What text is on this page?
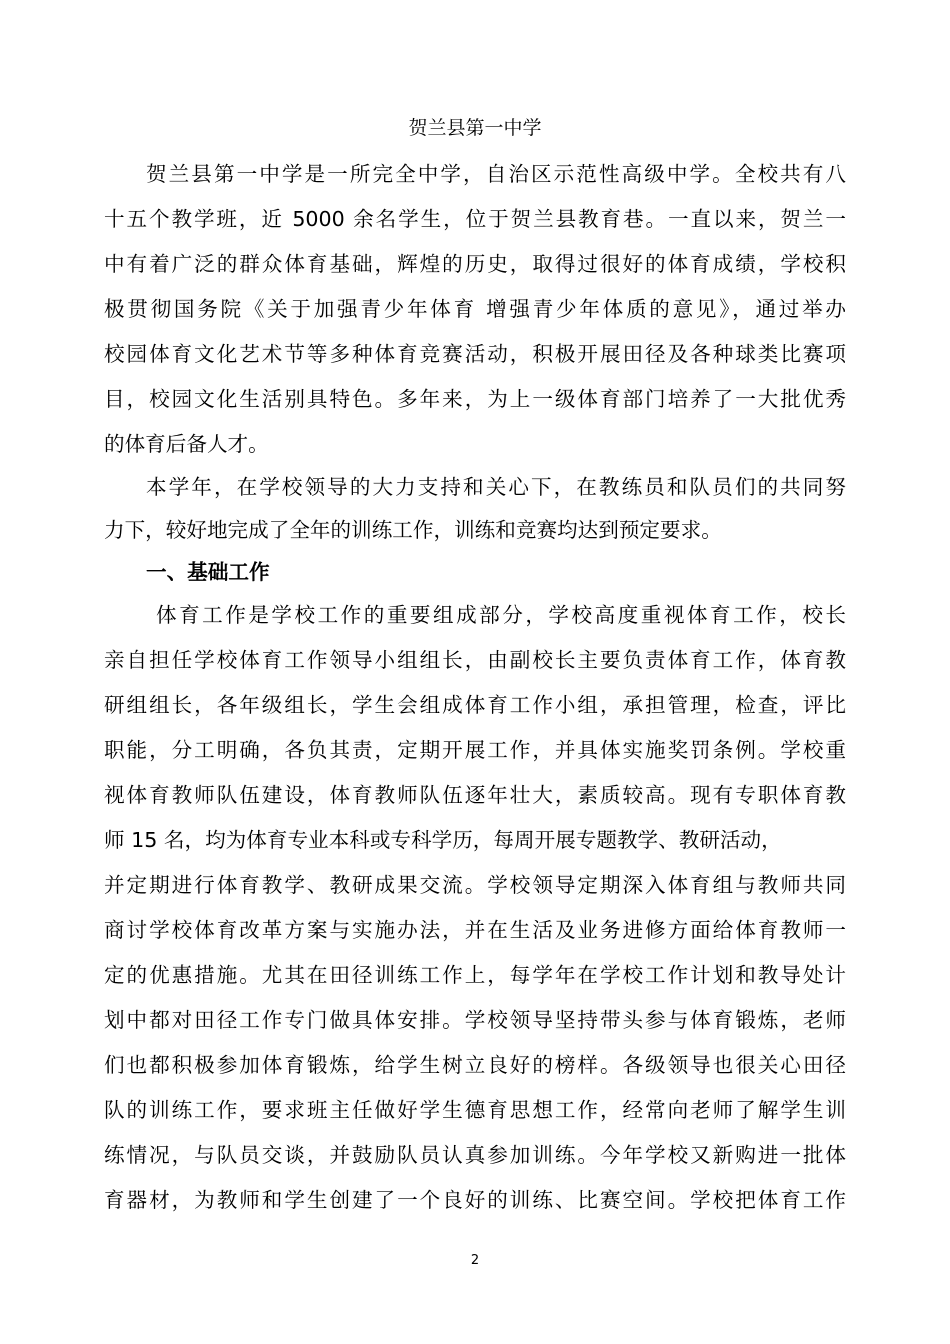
贺兰县第一中学
贺兰县第一中学是一所完全中学，自治区示范性高级中学。全校共有八
十五个教学班，近 5000 余名学生，位于贺兰县教育巷。一直以来，贺兰一
中有着广泛的群众体育基础，辉煌的历史，取得过很好的体育成绩，学校积
极贯彻国务院《关于加强青少年体育 增强青少年体质的意见》，通过举办
校园体育文化艺术节等多种体育竞赛活动，积极开展田径及各种球类比赛项
目，校园文化生活别具特色。多年来，为上一级体育部门培养了一大批优秀
的体育后备人才。
本学年，在学校领导的大力支持和关心下，在教练员和队员们的共同努
力下，较好地完成了全年的训练工作，训练和竞赛均达到预定要求。
一、基础工作
体育工作是学校工作的重要组成部分，学校高度重视体育工作，校长
亲自担任学校体育工作领导小组组长，由副校长主要负责体育工作，体育教
研组组长，各年级组长，学生会组成体育工作小组，承担管理，检查，评比
职能，分工明确，各负其责，定期开展工作，并具体实施奖罚条例。学校重
视体育教师队伍建设，体育教师队伍逐年壮大，素质较高。现有专职体育教
师 15 名，均为体育专业本科或专科学历，每周开展专题教学、教研活动，
并定期进行体育教学、教研成果交流。学校领导定期深入体育组与教师共同
商讨学校体育改革方案与实施办法，并在生活及业务进修方面给体育教师一
定的优惠措施。尤其在田径训练工作上，每学年在学校工作计划和教导处计
划中都对田径工作专门做具体安排。学校领导坚持带头参与体育锻炼，老师
们也都积极参加体育锻炼，给学生树立良好的榜样。各级领导也很关心田径
队的训练工作，要求班主任做好学生德育思想工作，经常向老师了解学生训
练情况，与队员交谈，并鼓励队员认真参加训练。今年学校又新购进一批体
育器材，为教师和学生创建了一个良好的训练、比赛空间。学校把体育工作
2
